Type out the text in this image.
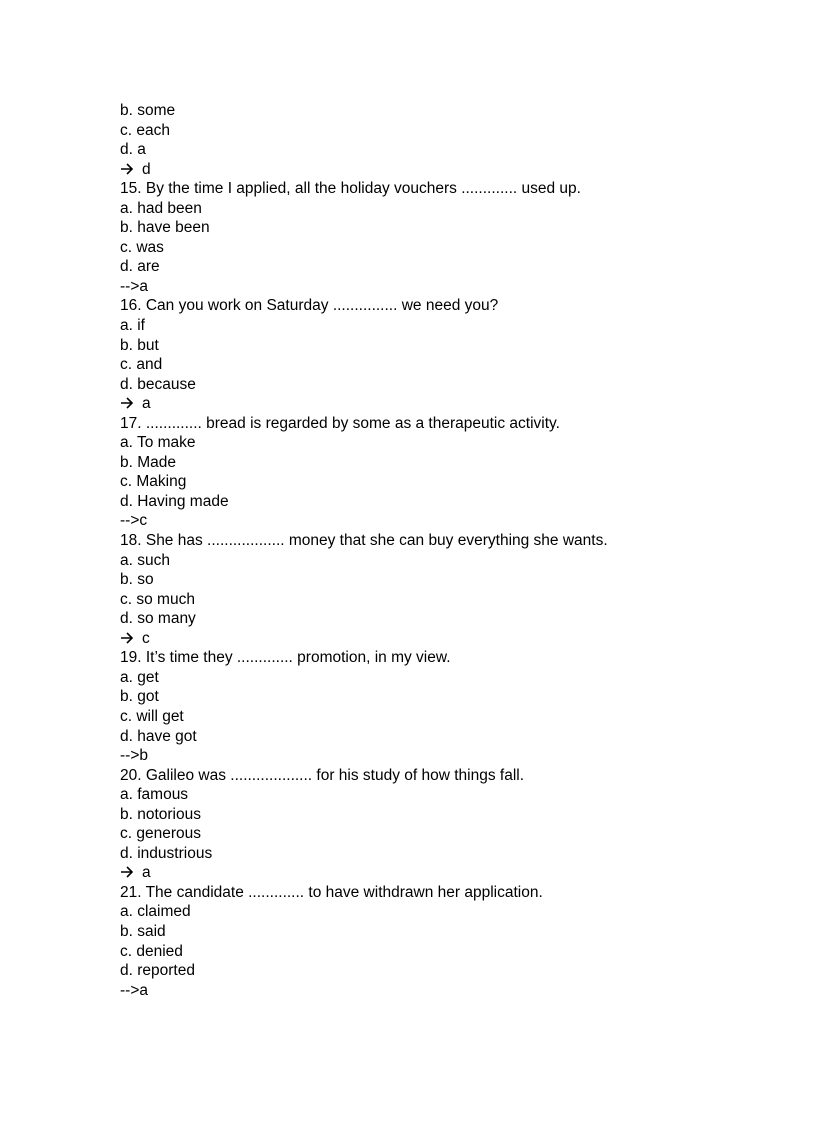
b. some
c. each
d. a
d
15. By the time I applied, all the holiday vouchers ............. used up.
a. had been
b. have been
c. was
d. are
-->a
16. Can you work on Saturday ............... we need you?
a. if
b. but
c. and
d. because
a
17. ............. bread is regarded by some as a therapeutic activity.
a. To make
b. Made
c. Making
d. Having made
-->c
18. She has .................. money that she can buy everything she wants.
a. such
b. so
c. so much
d. so many
c
19. It’s time they ............. promotion, in my view.
a. get
b. got
c. will get
d. have got
-->b
20. Galileo was ................... for his study of how things fall.
a. famous
b. notorious
c. generous
d. industrious
a
21. The candidate ............. to have withdrawn her application.
a. claimed
b. said
c. denied
d. reported
-->a
